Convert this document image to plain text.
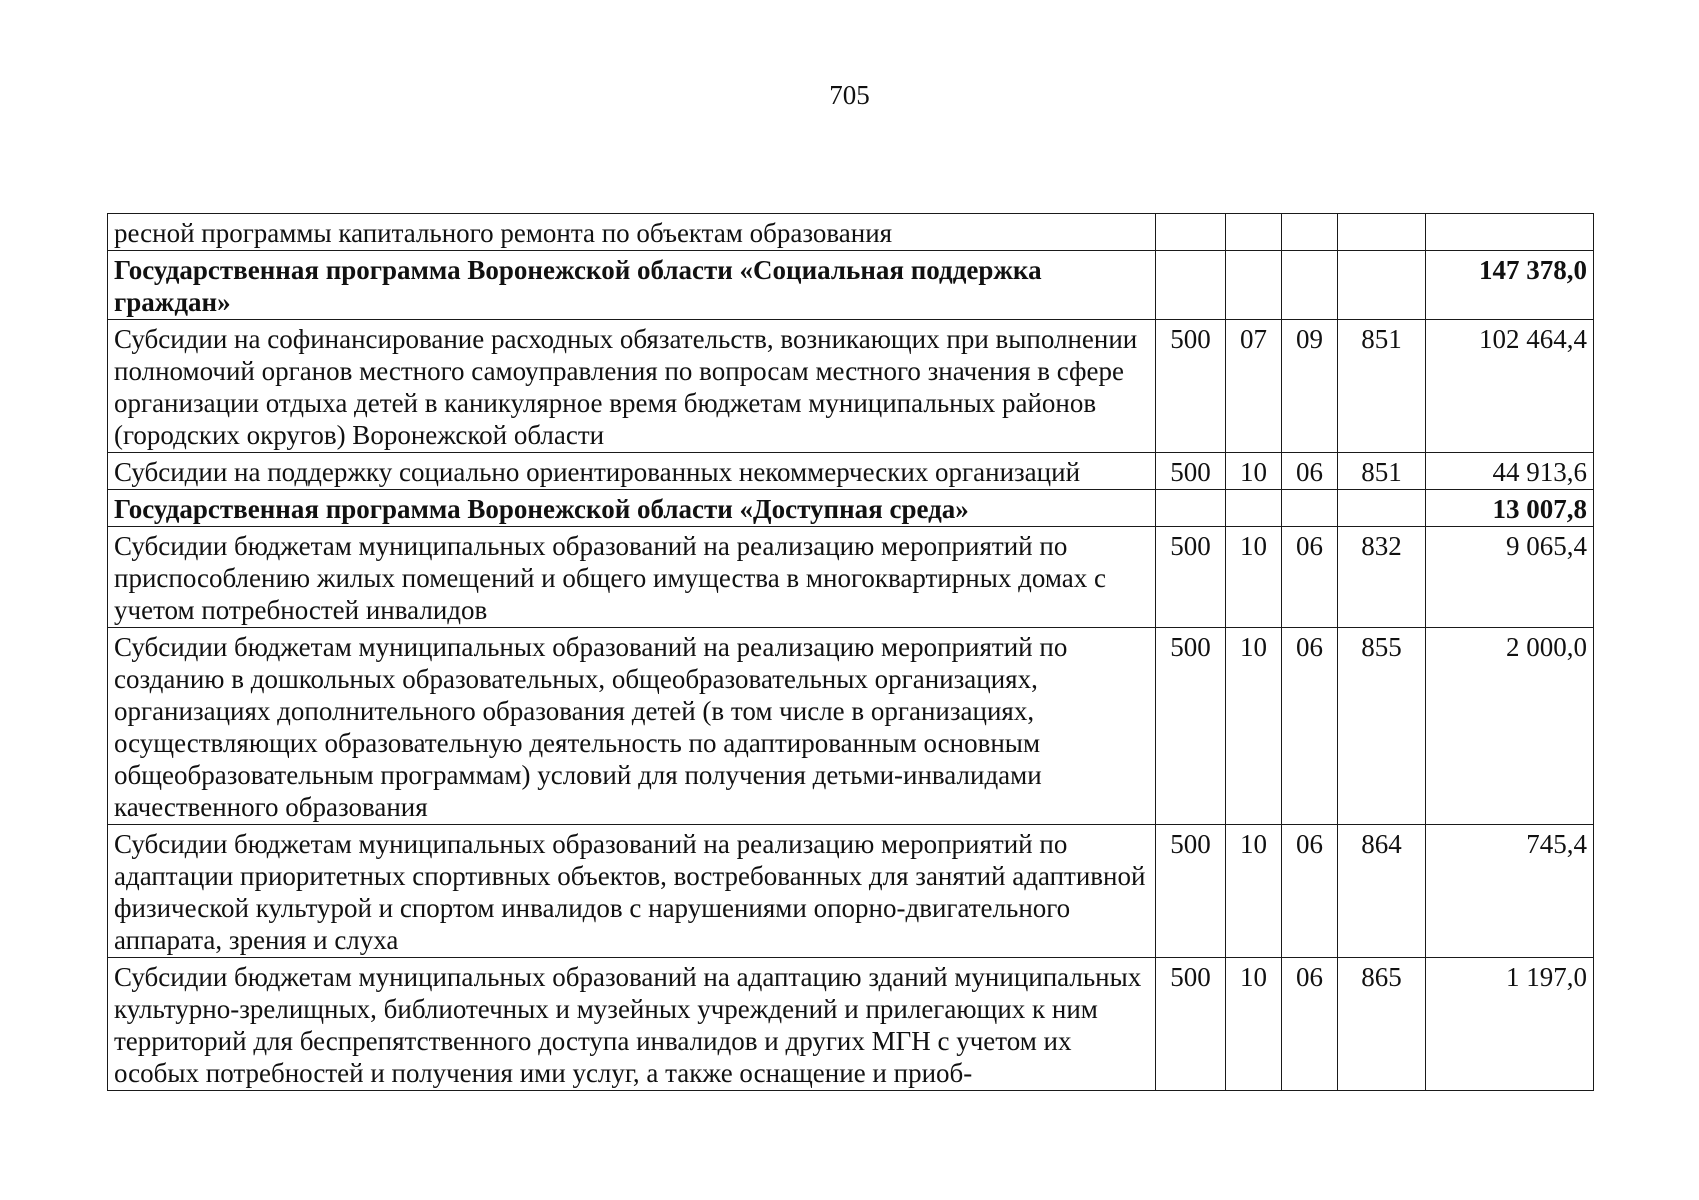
705
ресной программы капитального ремонта по объектам образования					
Государственная программа Воронежской области «Социальная поддержка граждан»					147 378,0
Субсидии на софинансирование расходных обязательств, возникающих при выполнении полномочий органов местного самоуправления по вопросам местного значения в сфере организации отдыха детей в каникулярное время бюджетам муниципальных районов (городских округов) Воронежской области	500	07	09	851	102 464,4
Субсидии на поддержку социально ориентированных некоммерческих организаций	500	10	06	851	44 913,6
Государственная программа Воронежской области «Доступная среда»					13 007,8
Субсидии бюджетам муниципальных образований на реализацию мероприятий по приспособлению жилых помещений и общего имущества в многоквартирных домах с учетом потребностей инвалидов	500	10	06	832	9 065,4
Субсидии бюджетам муниципальных образований на реализацию мероприятий по созданию в дошкольных образовательных, общеобразовательных организациях, организациях дополнительного образования детей (в том числе в организациях, осуществляющих образовательную деятельность по адаптированным основным общеобразовательным программам) условий для получения детьми-инвалидами качественного образования	500	10	06	855	2 000,0
Субсидии бюджетам муниципальных образований на реализацию мероприятий по адаптации приоритетных спортивных объектов, востребованных для занятий адаптивной физической культурой и спортом инвалидов с нарушениями опорно-двигательного аппарата, зрения и слуха	500	10	06	864	745,4
Субсидии бюджетам муниципальных образований на адаптацию зданий муниципальных культурно-зрелищных, библиотечных и музейных учреждений и прилегающих к ним территорий для беспрепятственного доступа инвалидов и других МГН с учетом их особых потребностей и получения ими услуг, а также оснащение и приоб-	500	10	06	865	1 197,0
